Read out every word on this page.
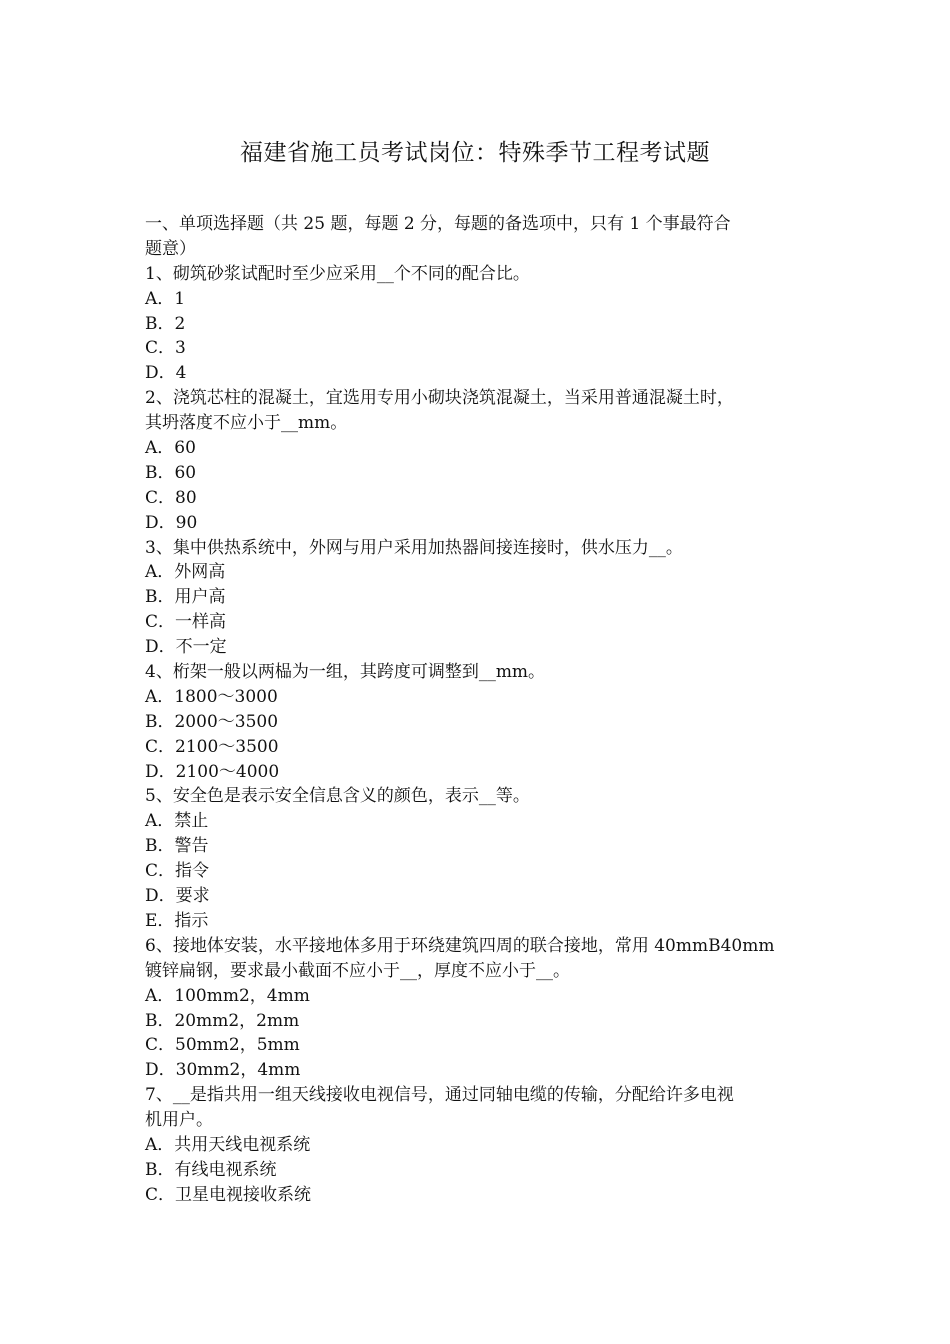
福建省施工员考试岗位：特殊季节工程考试题
一、单项选择题（共 25 题，每题 2 分，每题的备选项中，只有 1 个事最符合
题意）
1、砌筑砂浆试配时至少应采用__个不同的配合比。
A．1
B．2
C．3
D．4
2、浇筑芯柱的混凝土，宜选用专用小砌块浇筑混凝土，当采用普通混凝土时，
其坍落度不应小于__mm。
A．60
B．60
C．80
D．90
3、集中供热系统中，外网与用户采用加热器间接连接时，供水压力__。
A．外网高
B．用户高
C．一样高
D．不一定
4、桁架一般以两榀为一组，其跨度可调整到__mm。
A．1800～3000
B．2000～3500
C．2100～3500
D．2100～4000
5、安全色是表示安全信息含义的颜色，表示__等。
A．禁止
B．警告
C．指令
D．要求
E．指示
6、接地体安装，水平接地体多用于环绕建筑四周的联合接地，常用 40mmB40mm
镀锌扁钢，要求最小截面不应小于__，厚度不应小于__。
A．100mm2，4mm
B．20mm2，2mm
C．50mm2，5mm
D．30mm2，4mm
7、__是指共用一组天线接收电视信号，通过同轴电缆的传输，分配给许多电视
机用户。
A．共用天线电视系统
B．有线电视系统
C．卫星电视接收系统
